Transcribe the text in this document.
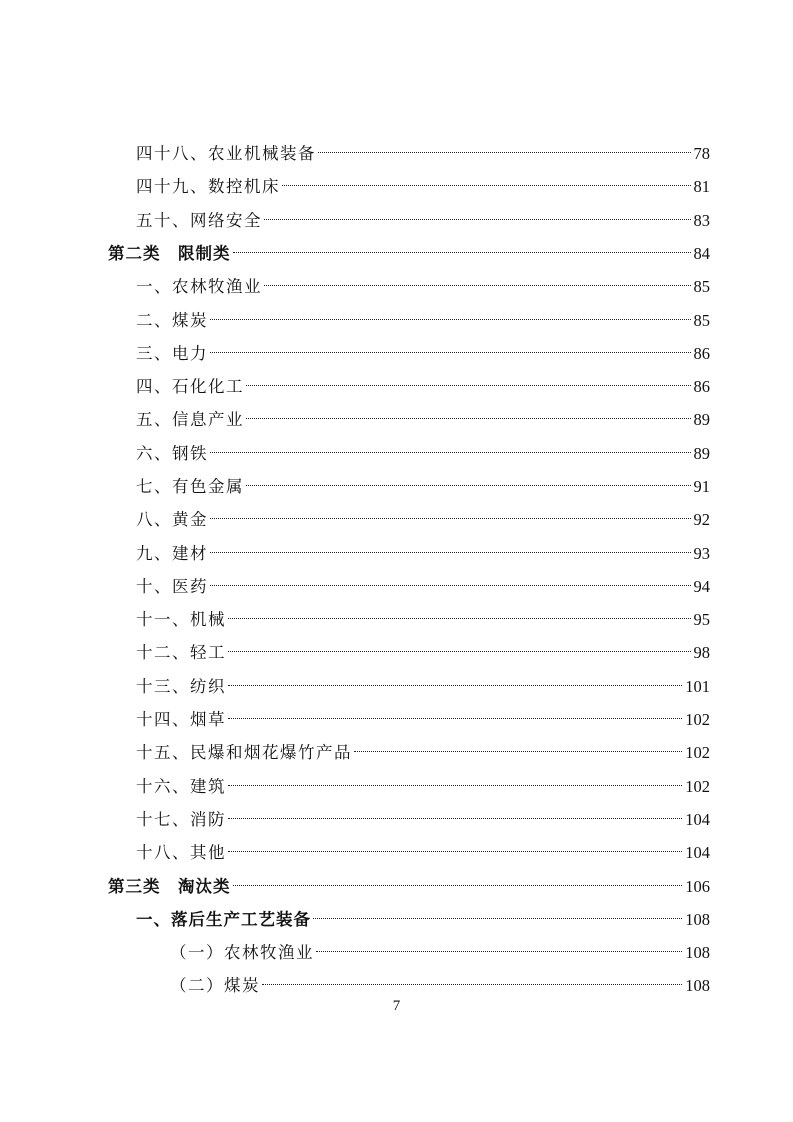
四十八、农业机械装备	78
四十九、数控机床	81
五十、网络安全	83
第二类　限制类	84
一、农林牧渔业	85
二、煤炭	85
三、电力	86
四、石化化工	86
五、信息产业	89
六、钢铁	89
七、有色金属	91
八、黄金	92
九、建材	93
十、医药	94
十一、机械	95
十二、轻工	98
十三、纺织	101
十四、烟草	102
十五、民爆和烟花爆竹产品	102
十六、建筑	102
十七、消防	104
十八、其他	104
第三类　淘汰类	106
一、落后生产工艺装备	108
（一）农林牧渔业	108
（二）煤炭	108
7
